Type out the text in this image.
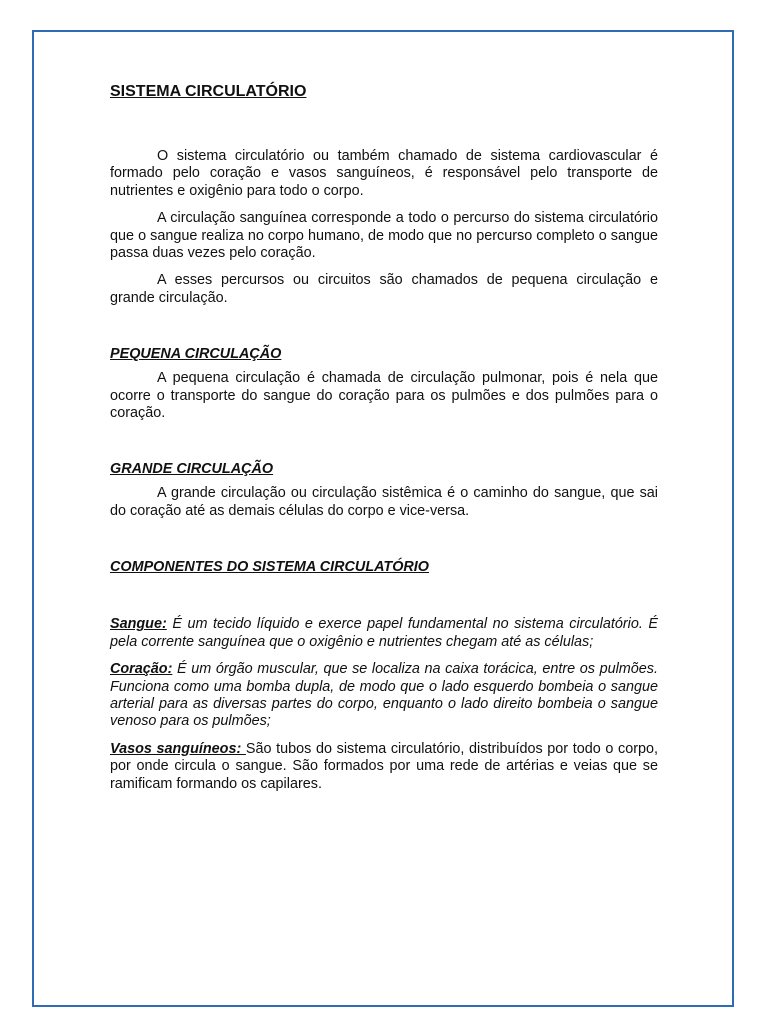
SISTEMA CIRCULATÓRIO

O sistema circulatório ou também chamado de sistema cardiovascular é formado pelo coração e vasos sanguíneos, é responsável pelo transporte de nutrientes e oxigênio para todo o corpo.

A circulação sanguínea corresponde a todo o percurso do sistema circulatório que o sangue realiza no corpo humano, de modo que no percurso completo o sangue passa duas vezes pelo coração.

A esses percursos ou circuitos são chamados de pequena circulação e grande circulação.

PEQUENA CIRCULAÇÃO

A pequena circulação é chamada de circulação pulmonar, pois é nela que ocorre o transporte do sangue do coração para os pulmões e dos pulmões para o coração.

GRANDE CIRCULAÇÃO

A grande circulação ou circulação sistêmica é o caminho do sangue, que sai do coração até as demais células do corpo e vice-versa.

COMPONENTES DO SISTEMA CIRCULATÓRIO

Sangue: É um tecido líquido e exerce papel fundamental no sistema circulatório. É pela corrente sanguínea que o oxigênio e nutrientes chegam até as células;

Coração: É um órgão muscular, que se localiza na caixa torácica, entre os pulmões. Funciona como uma bomba dupla, de modo que o lado esquerdo bombeia o sangue arterial para as diversas partes do corpo, enquanto o lado direito bombeia o sangue venoso para os pulmões;

Vasos sanguíneos: São tubos do sistema circulatório, distribuídos por todo o corpo, por onde circula o sangue. São formados por uma rede de artérias e veias que se ramificam formando os capilares.
